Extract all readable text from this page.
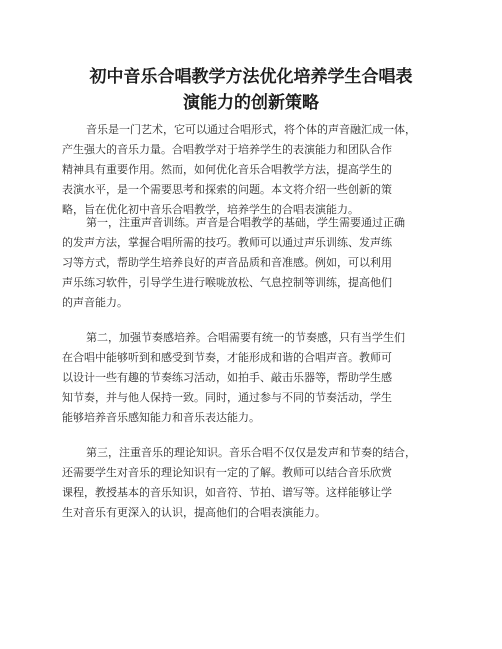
初中音乐合唱教学方法优化培养学生合唱表
演能力的创新策略
音乐是一门艺术，它可以通过合唱形式，将个体的声音融汇成一体，
产生强大的音乐力量。合唱教学对于培养学生的表演能力和团队合作
精神具有重要作用。然而，如何优化音乐合唱教学方法，提高学生的
表演水平，是一个需要思考和探索的问题。本文将介绍一些创新的策
略，旨在优化初中音乐合唱教学，培养学生的合唱表演能力。
第一，注重声音训练。声音是合唱教学的基础，学生需要通过正确
的发声方法，掌握合唱所需的技巧。教师可以通过声乐训练、发声练
习等方式，帮助学生培养良好的声音品质和音准感。例如，可以利用
声乐练习软件，引导学生进行喉咙放松、气息控制等训练，提高他们
的声音能力。
第二，加强节奏感培养。合唱需要有统一的节奏感，只有当学生们
在合唱中能够听到和感受到节奏，才能形成和谐的合唱声音。教师可
以设计一些有趣的节奏练习活动，如拍手、敲击乐器等，帮助学生感
知节奏，并与他人保持一致。同时，通过参与不同的节奏活动，学生
能够培养音乐感知能力和音乐表达能力。
第三，注重音乐的理论知识。音乐合唱不仅仅是发声和节奏的结合，
还需要学生对音乐的理论知识有一定的了解。教师可以结合音乐欣赏
课程，教授基本的音乐知识，如音符、节拍、谱写等。这样能够让学
生对音乐有更深入的认识，提高他们的合唱表演能力。
